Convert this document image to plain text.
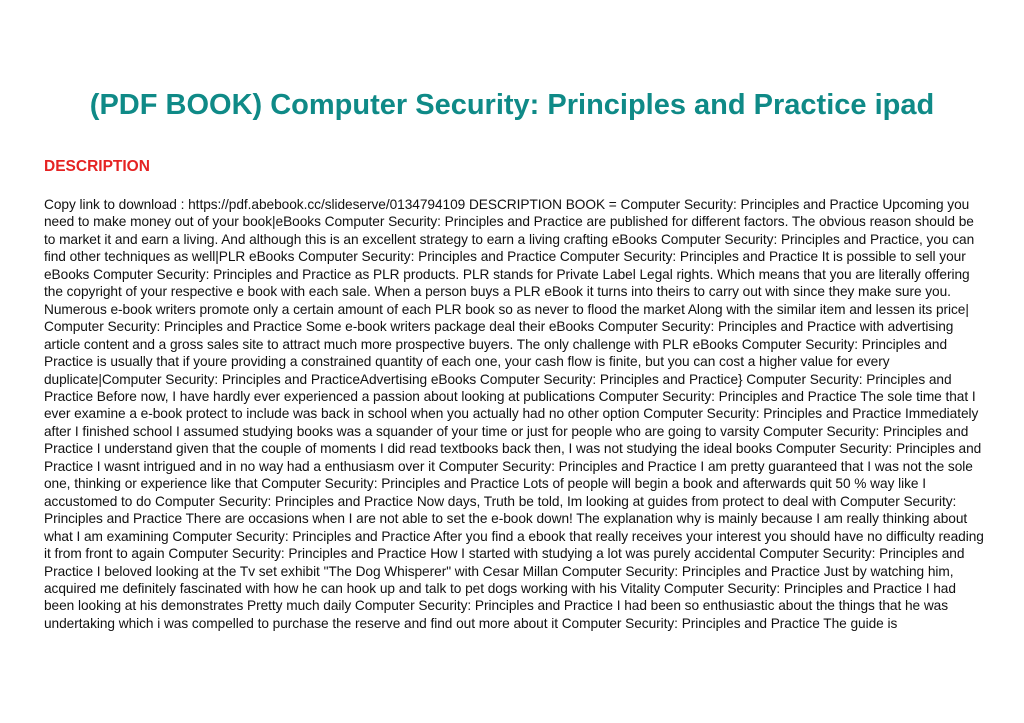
(PDF BOOK) Computer Security: Principles and Practice ipad
DESCRIPTION

Copy link to download : https://pdf.abebook.cc/slideserve/0134794109 DESCRIPTION BOOK = Computer Security: Principles and Practice Upcoming you need to make money out of your book|eBooks Computer Security: Principles and Practice are published for different factors. The obvious reason should be to market it and earn a living. And although this is an excellent strategy to earn a living crafting eBooks Computer Security: Principles and Practice, you can find other techniques as well|PLR eBooks Computer Security: Principles and Practice Computer Security: Principles and Practice It is possible to sell your eBooks Computer Security: Principles and Practice as PLR products. PLR stands for Private Label Legal rights. Which means that you are literally offering the copyright of your respective e book with each sale. When a person buys a PLR eBook it turns into theirs to carry out with since they make sure you. Numerous e-book writers promote only a certain amount of each PLR book so as never to flood the market Along with the similar item and lessen its price| Computer Security: Principles and Practice Some e-book writers package deal their eBooks Computer Security: Principles and Practice with advertising article content and a gross sales site to attract much more prospective buyers. The only challenge with PLR eBooks Computer Security: Principles and Practice is usually that if youre providing a constrained quantity of each one, your cash flow is finite, but you can cost a higher value for every duplicate|Computer Security: Principles and PracticeAdvertising eBooks Computer Security: Principles and Practice} Computer Security: Principles and Practice Before now, I have hardly ever experienced a passion about looking at publications Computer Security: Principles and Practice The sole time that I ever examine a e-book protect to include was back in school when you actually had no other option Computer Security: Principles and Practice Immediately after I finished school I assumed studying books was a squander of your time or just for people who are going to varsity Computer Security: Principles and Practice I understand given that the couple of moments I did read textbooks back then, I was not studying the ideal books Computer Security: Principles and Practice I wasnt intrigued and in no way had a enthusiasm over it Computer Security: Principles and Practice I am pretty guaranteed that I was not the sole one, thinking or experience like that Computer Security: Principles and Practice Lots of people will begin a book and afterwards quit 50 % way like I accustomed to do Computer Security: Principles and Practice Now days, Truth be told, Im looking at guides from protect to deal with Computer Security: Principles and Practice There are occasions when I are not able to set the e-book down! The explanation why is mainly because I am really thinking about what I am examining Computer Security: Principles and Practice After you find a ebook that really receives your interest you should have no difficulty reading it from front to again Computer Security: Principles and Practice How I started with studying a lot was purely accidental Computer Security: Principles and Practice I beloved looking at the Tv set exhibit "The Dog Whisperer" with Cesar Millan Computer Security: Principles and Practice Just by watching him, acquired me definitely fascinated with how he can hook up and talk to pet dogs working with his Vitality Computer Security: Principles and Practice I had been looking at his demonstrates Pretty much daily Computer Security: Principles and Practice I had been so enthusiastic about the things that he was undertaking which i was compelled to purchase the reserve and find out more about it Computer Security: Principles and Practice The guide is
